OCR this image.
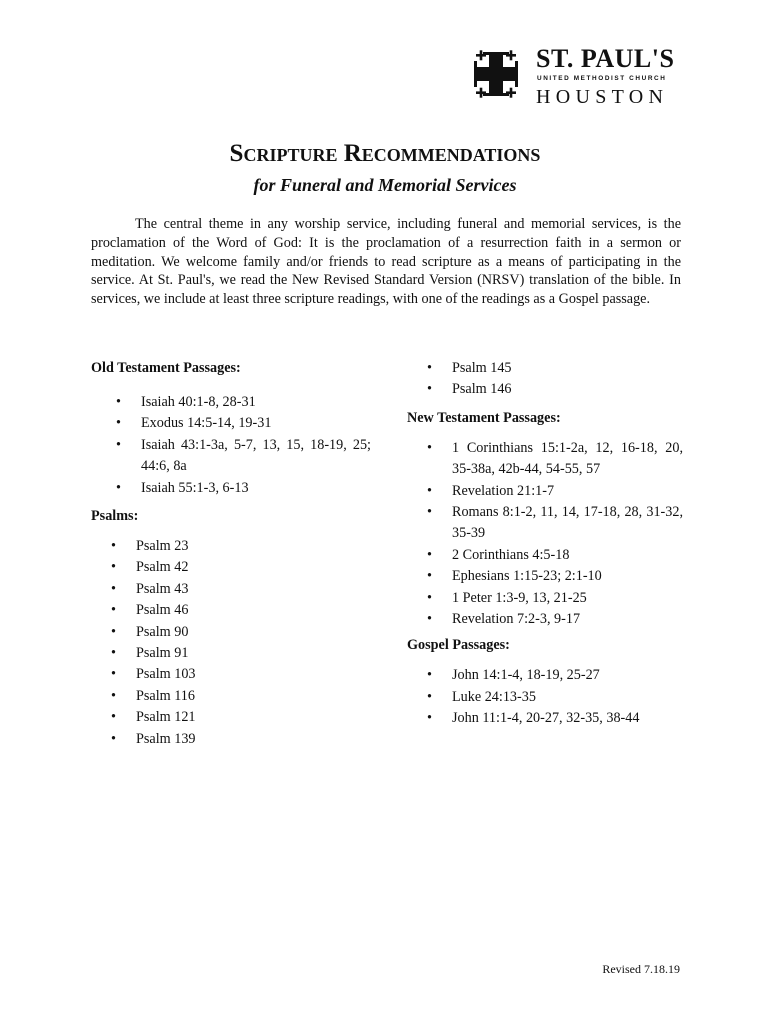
ST. PAUL'S
UNITED METHODIST CHURCH
HOUSTON
Scripture Recommendations
for Funeral and Memorial Services

The central theme in any worship service, including funeral and memorial services, is the proclamation of the Word of God: It is the proclamation of a resurrection faith in a sermon or meditation. We welcome family and/or friends to read scripture as a means of participating in the service. At St. Paul's, we read the New Revised Standard Version (NRSV) translation of the bible. In services, we include at least three scripture readings, with one of the readings as a Gospel passage.

Old Testament Passages:
• Isaiah 40:1-8, 28-31
• Exodus 14:5-14, 19-31
• Isaiah 43:1-3a, 5-7, 13, 15, 18-19, 25; 44:6, 8a
• Isaiah 55:1-3, 6-13
Psalms:
• Psalm 23
• Psalm 42
• Psalm 43
• Psalm 46
• Psalm 90
• Psalm 91
• Psalm 103
• Psalm 116
• Psalm 121
• Psalm 139
• Psalm 145
• Psalm 146
New Testament Passages:
• 1 Corinthians 15:1-2a, 12, 16-18, 20, 35-38a, 42b-44, 54-55, 57
• Revelation 21:1-7
• Romans 8:1-2, 11, 14, 17-18, 28, 31-32, 35-39
• 2 Corinthians 4:5-18
• Ephesians 1:15-23; 2:1-10
• 1 Peter 1:3-9, 13, 21-25
• Revelation 7:2-3, 9-17
Gospel Passages:
• John 14:1-4, 18-19, 25-27
• Luke 24:13-35
• John 11:1-4, 20-27, 32-35, 38-44
Revised 7.18.19
